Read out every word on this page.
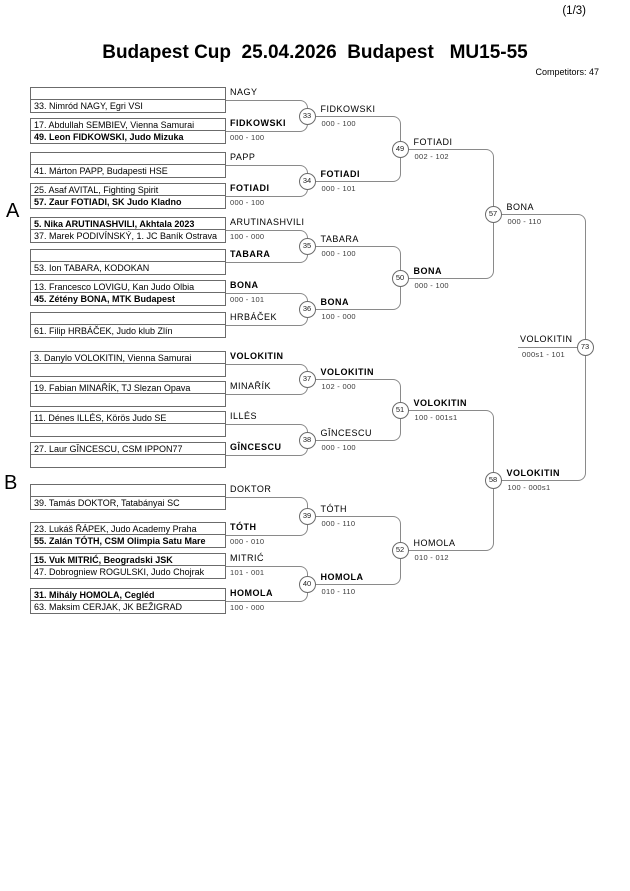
(1/3)
Budapest Cup  25.04.2026  Budapest   MU15-55
Competitors: 47
A
B
33. Nimród NAGY, Egri VSI
NAGY
17. Abdullah SEMBIEV, Vienna Samurai
49. Leon FIDKOWSKI, Judo Mizuka
FIDKOWSKI
000 - 100
41. Márton PAPP, Budapesti HSE
PAPP
25. Asaf AVITAL, Fighting Spirit
57. Zaur FOTIADI, SK Judo Kladno
FOTIADI
000 - 100
5. Nika ARUTINASHVILI, Akhtala 2023
37. Marek PODIVÍNSKÝ, 1. JC Baník Ostrava
ARUTINASHVILI
100 - 000
53. Ion TABARA, KODOKAN
TABARA
13. Francesco LOVIGU, Kan Judo Olbia
45. Zétény BONA, MTK Budapest
BONA
000 - 101
61. Filip HRBÁČEK, Judo klub Zlín
HRBÁČEK
3. Danylo VOLOKITIN, Vienna Samurai	VOLOKITIN
19. Fabian MINAŘÍK, TJ Slezan Opava	MINAŘÍK
11. Dénes ILLÉS, Körös Judo SE	ILLÉS
27. Laur GÎNCESCU, CSM IPPON77	GÎNCESCU
39. Tamás DOKTOR, Tatabányai SC
DOKTOR
23. Lukáš ŘÁPEK, Judo Academy Praha
55. Zalán TÓTH, CSM Olimpia Satu Mare
TÓTH
000 - 010
15. Vuk MITRIĆ, Beogradski JSK
47. Dobrogniew ROGULSKI, Judo Chojrak
MITRIĆ
101 - 001
31. Mihály HOMOLA, Cegléd
63. Maksim CERJAK, JK BEŽIGRAD
HOMOLA
100 - 000
FIDKOWSKI
000 - 100
FOTIADI
000 - 101
TABARA
000 - 100
BONA
100 - 000
VOLOKITIN
102 - 000
GÎNCESCU
000 - 100
TÓTH
000 - 110
HOMOLA
010 - 110
FOTIADI
002 - 102
BONA
000 - 100
VOLOKITIN
100 - 001s1
HOMOLA
010 - 012
BONA
000 - 110
VOLOKITIN
100 - 000s1
VOLOKITIN
000s1 - 101
33
34
35
36
37
38
39
40
49
50
51
52
57
58
73
